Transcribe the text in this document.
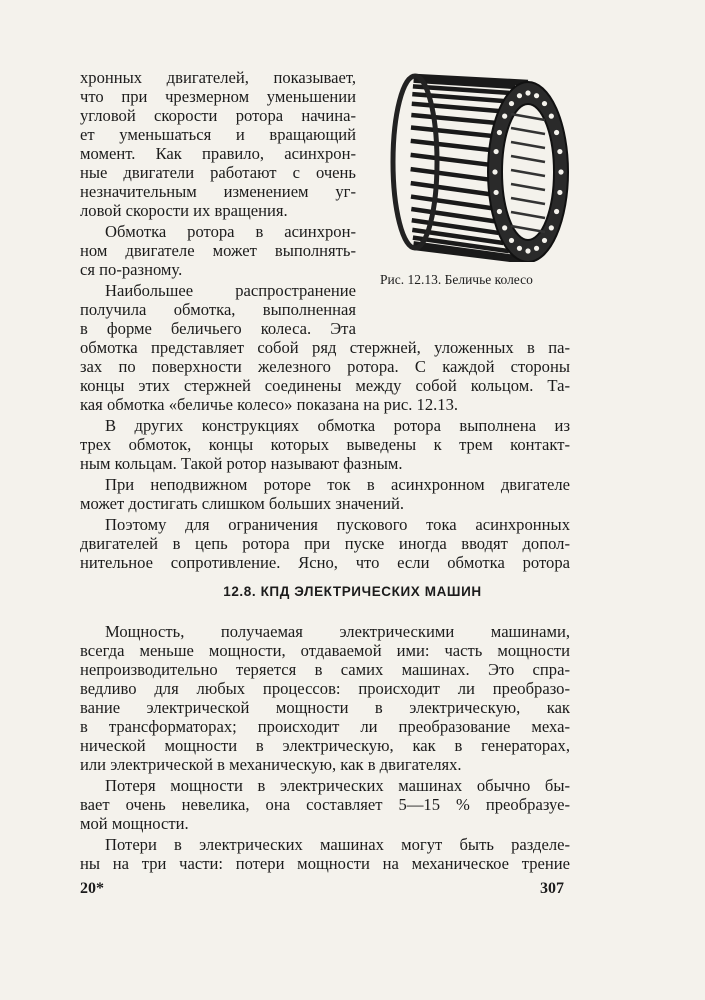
Рис. 12.13. Беличье колесо
хронных двигателей, показывает,
что при чрезмерном уменьшении
угловой скорости ротора начина-
ет уменьшаться и вращающий
момент. Как правило, асинхрон-
ные двигатели работают с очень
незначительным изменением уг-
ловой скорости их вращения.
Обмотка ротора в асинхрон-
ном двигателе может выполнять-
ся по-разному.
Наибольшее распространение
получила обмотка, выполненная
в форме беличьего колеса. Эта
обмотка представляет собой ряд стержней, уложенных в па-
зах по поверхности железного ротора. С каждой стороны
концы этих стержней соединены между собой кольцом. Та-
кая обмотка «беличье колесо» показана на рис. 12.13.
В других конструкциях обмотка ротора выполнена из
трех обмоток, концы которых выведены к трем контакт-
ным кольцам. Такой ротор называют фазным.
При неподвижном роторе ток в асинхронном двигателе
может достигать слишком больших значений.
Поэтому для ограничения пускового тока асинхронных
двигателей в цепь ротора при пуске иногда вводят допол-
нительное сопротивление. Ясно, что если обмотка ротора
12.8. КПД ЭЛЕКТРИЧЕСКИХ МАШИН
Мощность, получаемая электрическими машинами,
всегда меньше мощности, отдаваемой ими: часть мощности
непроизводительно теряется в самих машинах. Это спра-
ведливо для любых процессов: происходит ли преобразо-
вание электрической мощности в электрическую, как
в трансформаторах; происходит ли преобразование меха-
нической мощности в электрическую, как в генераторах,
или электрической в механическую, как в двигателях.
Потеря мощности в электрических машинах обычно бы-
вает очень невелика, она составляет 5—15 % преобразуе-
мой мощности.
Потери в электрических машинах могут быть разделе-
ны на три части: потери мощности на механическое трение
20*	307
